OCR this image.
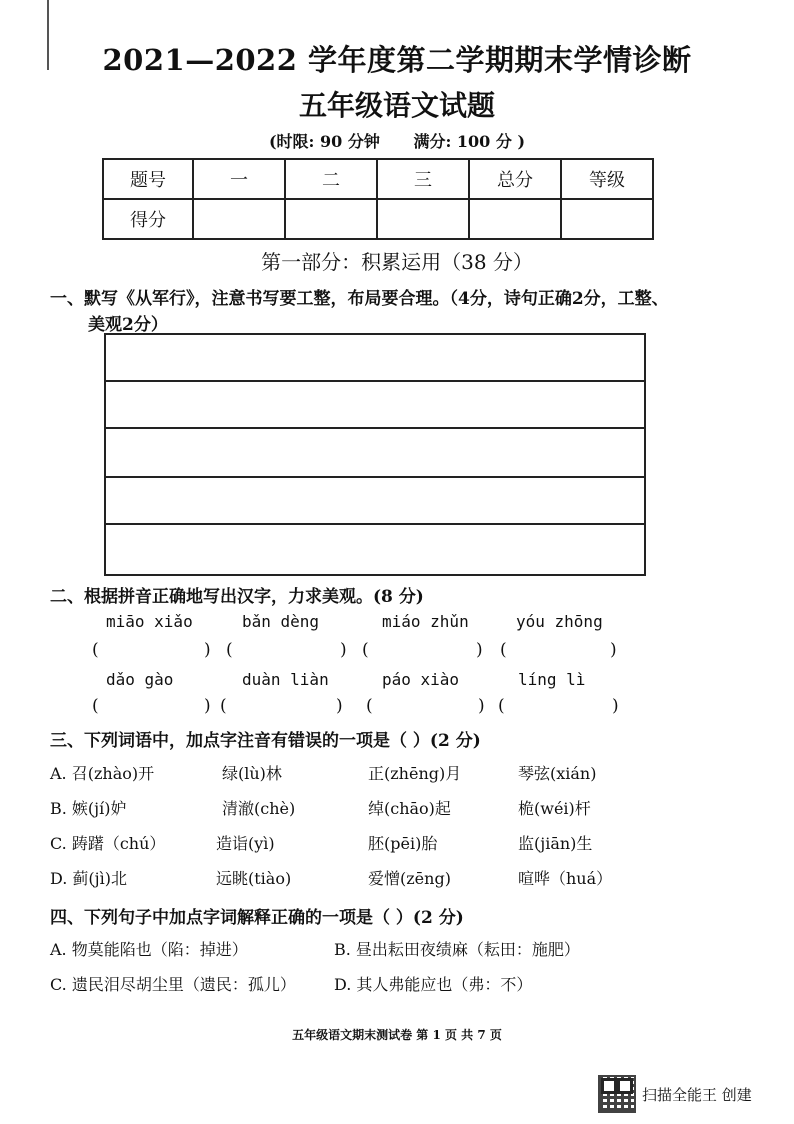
2021—2022 学年度第二学期期末学情诊断
五年级语文试题
(时限: 90 分钟 满分: 100 分 )
题号	一	二	三	总分	等级
得分					
第一部分：积累运用（38 分）
一、默写《从军行》，注意书写要工整，布局要合理。（4分，诗句正确2分，工整、
美观2分）
二、根据拼音正确地写出汉字，力求美观。(8 分)
miāo xiǎo	bǎn dèng	miáo zhǔn	yóu zhōng
(	) (	) (	) (	)
dǎo gào	duàn liàn	páo xiào	líng lì
(	) (	) (	) (	)
三、下列词语中，加点字注音有错误的一项是（ ）(2 分)
A. 召(zhào)开	绿(lù)林	正(zhēng)月	琴弦(xián)
B. 嫉(jí)妒	清澈(chè)	绰(chāo)起	桅(wéi)杆
C. 踌躇（chú）	造诣(yì)	胚(pēi)胎	监(jiān)生
D. 蓟(jì)北	远眺(tiào)	爱憎(zēng)	喧哗（huá）
四、下列句子中加点字词解释正确的一项是（ ）(2 分)
A. 物莫能陷也（陷：掉进）	B. 昼出耘田夜绩麻（耘田：施肥）
C. 遗民泪尽胡尘里（遗民：孤儿） D. 其人弗能应也（弗：不）
五年级语文期末测试卷 第 1 页 共 7 页
扫描全能王 创建
